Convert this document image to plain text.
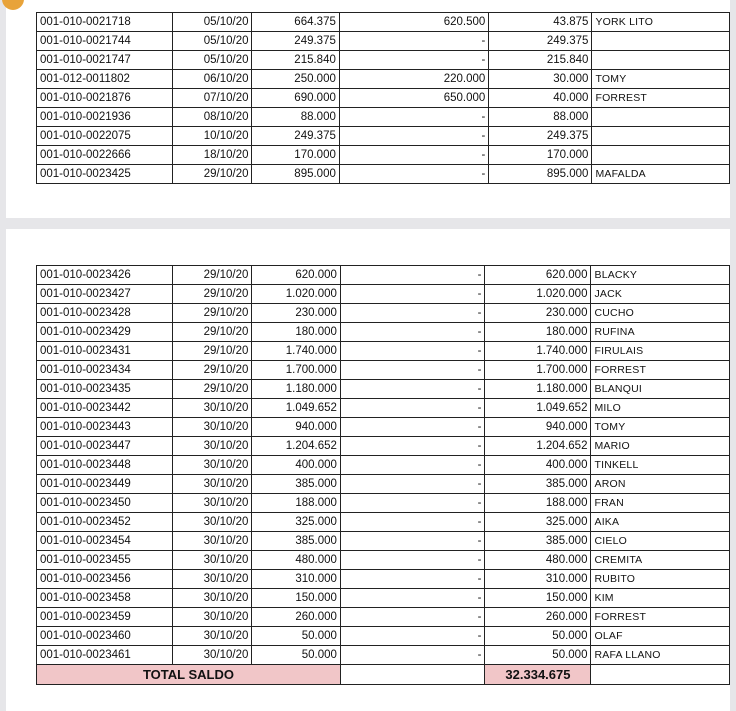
001-010-0021718	05/10/20	664.375	620.500	43.875	YORK LITO
001-010-0021744	05/10/20	249.375	-	249.375	
001-010-0021747	05/10/20	215.840	-	215.840	
001-012-0011802	06/10/20	250.000	220.000	30.000	TOMY
001-010-0021876	07/10/20	690.000	650.000	40.000	FORREST
001-010-0021936	08/10/20	88.000	-	88.000	
001-010-0022075	10/10/20	249.375	-	249.375	
001-010-0022666	18/10/20	170.000	-	170.000	
001-010-0023425	29/10/20	895.000	-	895.000	MAFALDA
001-010-0023426	29/10/20	620.000	-	620.000	BLACKY
001-010-0023427	29/10/20	1.020.000	-	1.020.000	JACK
001-010-0023428	29/10/20	230.000	-	230.000	CUCHO
001-010-0023429	29/10/20	180.000	-	180.000	RUFINA
001-010-0023431	29/10/20	1.740.000	-	1.740.000	FIRULAIS
001-010-0023434	29/10/20	1.700.000	-	1.700.000	FORREST
001-010-0023435	29/10/20	1.180.000	-	1.180.000	BLANQUI
001-010-0023442	30/10/20	1.049.652	-	1.049.652	MILO
001-010-0023443	30/10/20	940.000	-	940.000	TOMY
001-010-0023447	30/10/20	1.204.652	-	1.204.652	MARIO
001-010-0023448	30/10/20	400.000	-	400.000	TINKELL
001-010-0023449	30/10/20	385.000	-	385.000	ARON
001-010-0023450	30/10/20	188.000	-	188.000	FRAN
001-010-0023452	30/10/20	325.000	-	325.000	AIKA
001-010-0023454	30/10/20	385.000	-	385.000	CIELO
001-010-0023455	30/10/20	480.000	-	480.000	CREMITA
001-010-0023456	30/10/20	310.000	-	310.000	RUBITO
001-010-0023458	30/10/20	150.000	-	150.000	KIM
001-010-0023459	30/10/20	260.000	-	260.000	FORREST
001-010-0023460	30/10/20	50.000	-	50.000	OLAF
001-010-0023461	30/10/20	50.000	-	50.000	RAFA LLANO
TOTAL SALDO				32.334.675	
